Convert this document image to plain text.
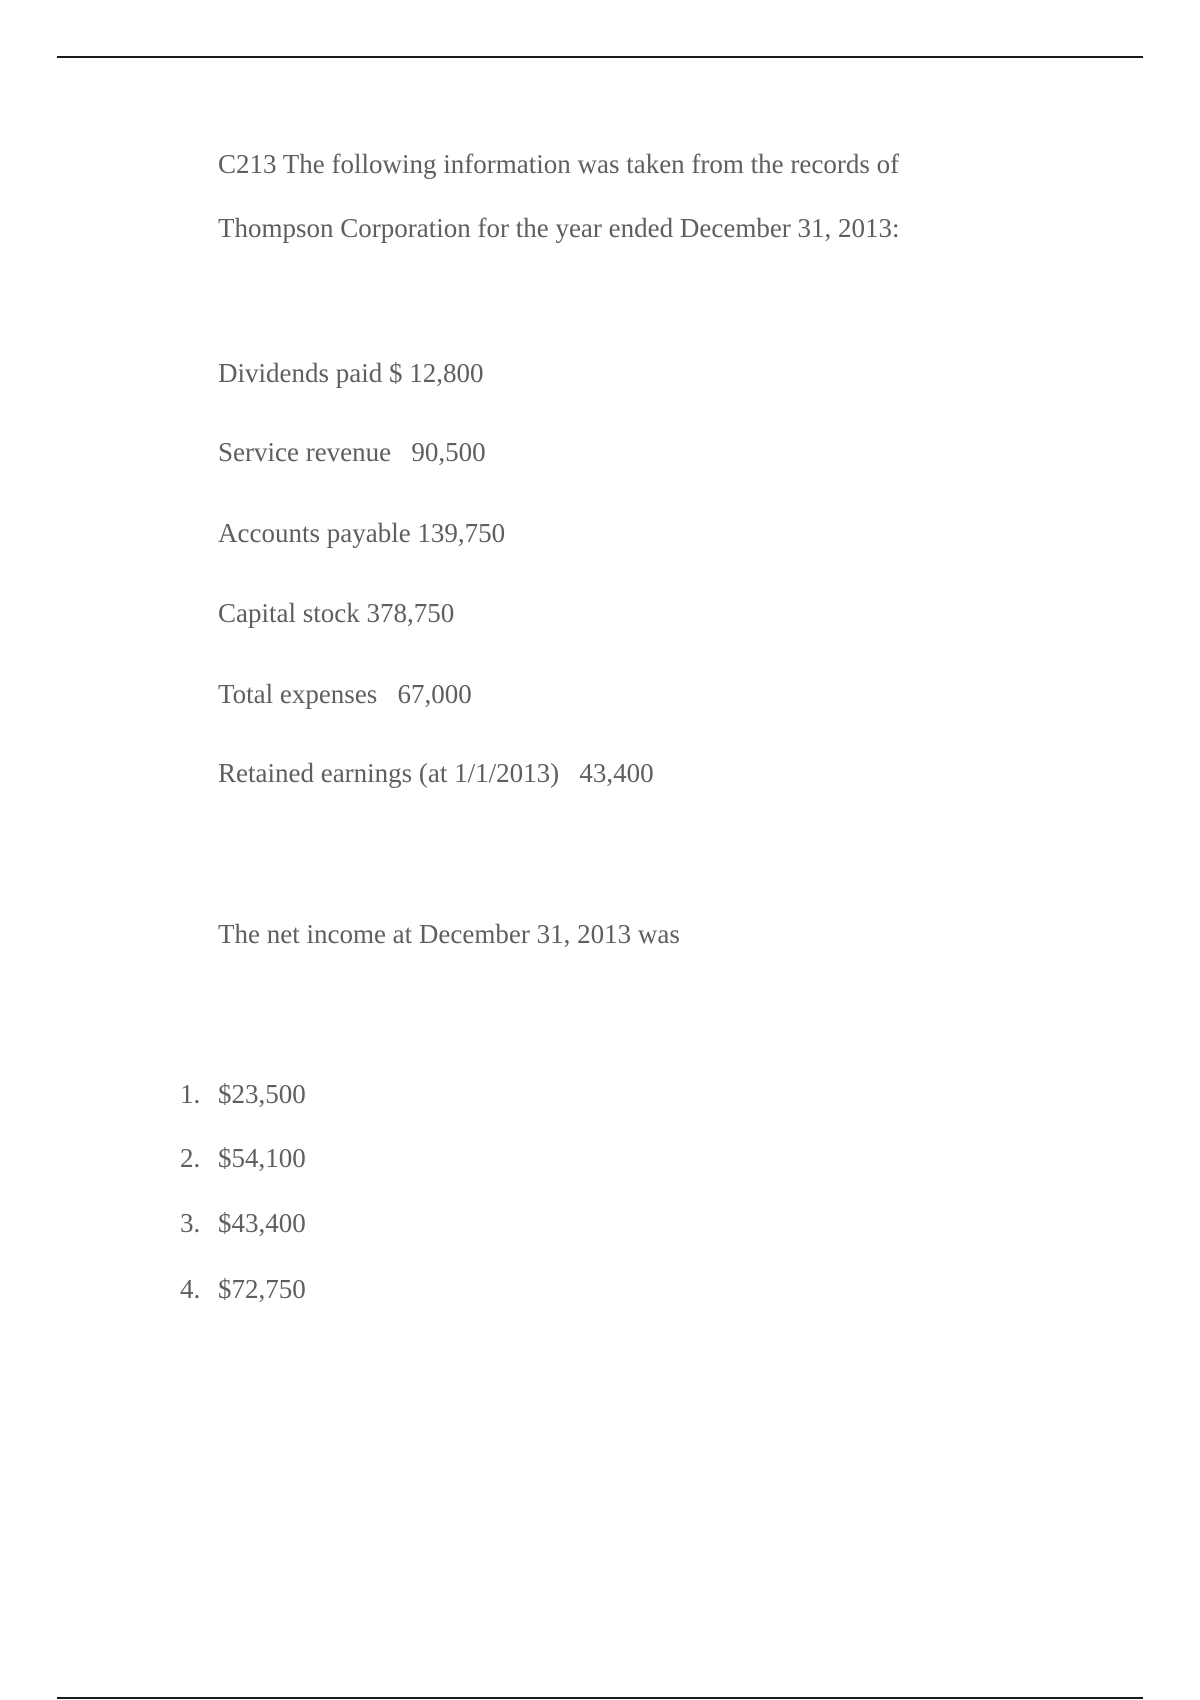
C213 The following information was taken from the records of

Thompson Corporation for the year ended December 31, 2013:

Dividends paid $ 12,800

Service revenue   90,500

Accounts payable 139,750

Capital stock 378,750

Total expenses   67,000

Retained earnings (at 1/1/2013)   43,400

The net income at December 31, 2013 was

1. $23,500
2. $54,100
3. $43,400
4. $72,750
